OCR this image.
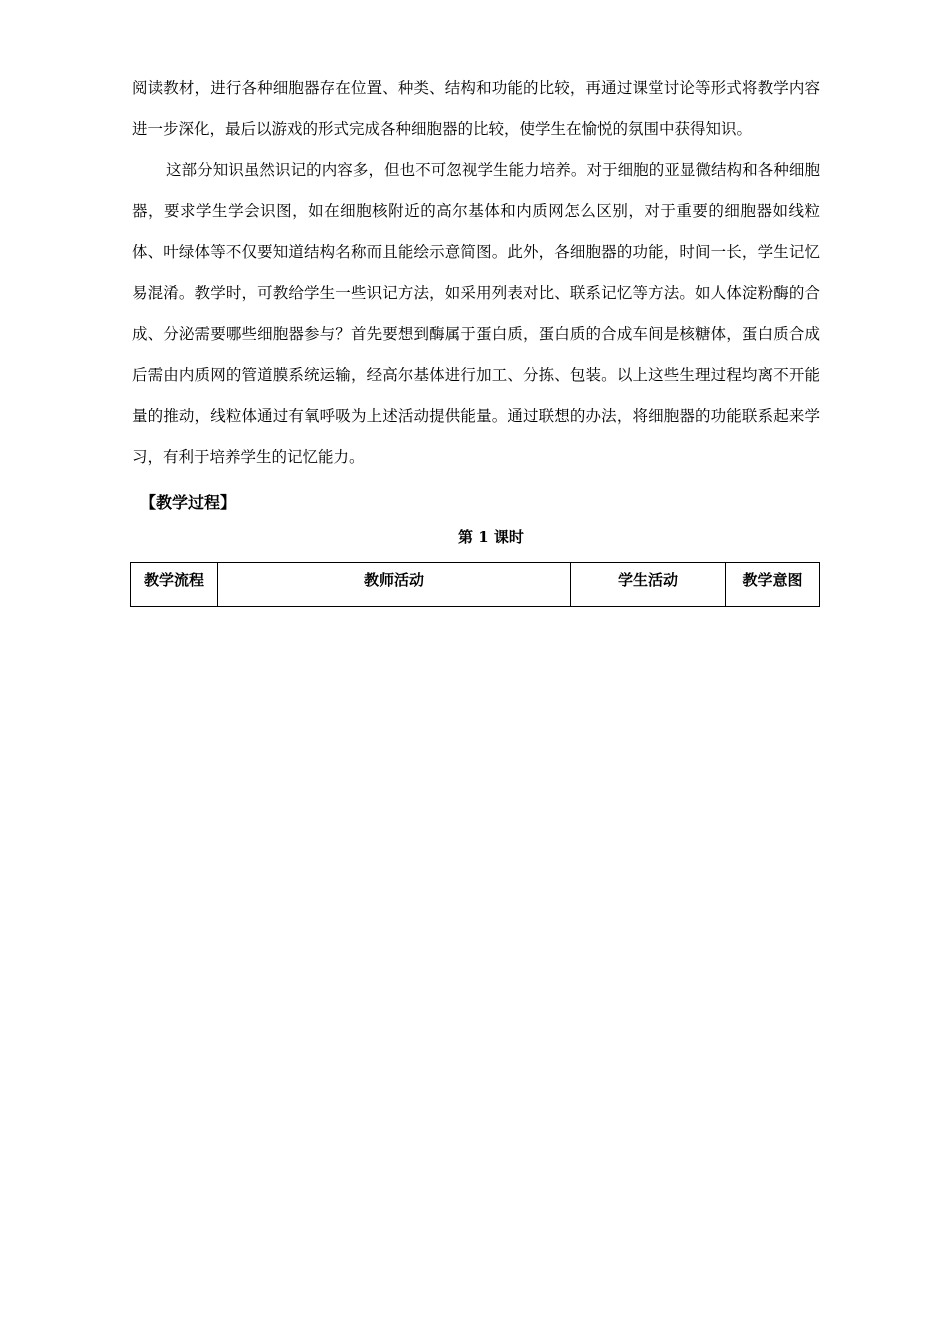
阅读教材，进行各种细胞器存在位置、种类、结构和功能的比较，再通过课堂讨论等形式将教学内容进一步深化，最后以游戏的形式完成各种细胞器的比较，使学生在愉悦的氛围中获得知识。

这部分知识虽然识记的内容多，但也不可忽视学生能力培养。对于细胞的亚显微结构和各种细胞器，要求学生学会识图，如在细胞核附近的高尔基体和内质网怎么区别，对于重要的细胞器如线粒体、叶绿体等不仅要知道结构名称而且能绘示意简图。此外，各细胞器的功能，时间一长，学生记忆易混淆。教学时，可教给学生一些识记方法，如采用列表对比、联系记忆等方法。如人体淀粉酶的合成、分泌需要哪些细胞器参与？首先要想到酶属于蛋白质，蛋白质的合成车间是核糖体，蛋白质合成后需由内质网的管道膜系统运输，经高尔基体进行加工、分拣、包装。以上这些生理过程均离不开能量的推动，线粒体通过有氧呼吸为上述活动提供能量。通过联想的办法，将细胞器的功能联系起来学习，有利于培养学生的记忆能力。

【教学过程】
第 1 课时
教学流程	教师活动	学生活动	教学意图
